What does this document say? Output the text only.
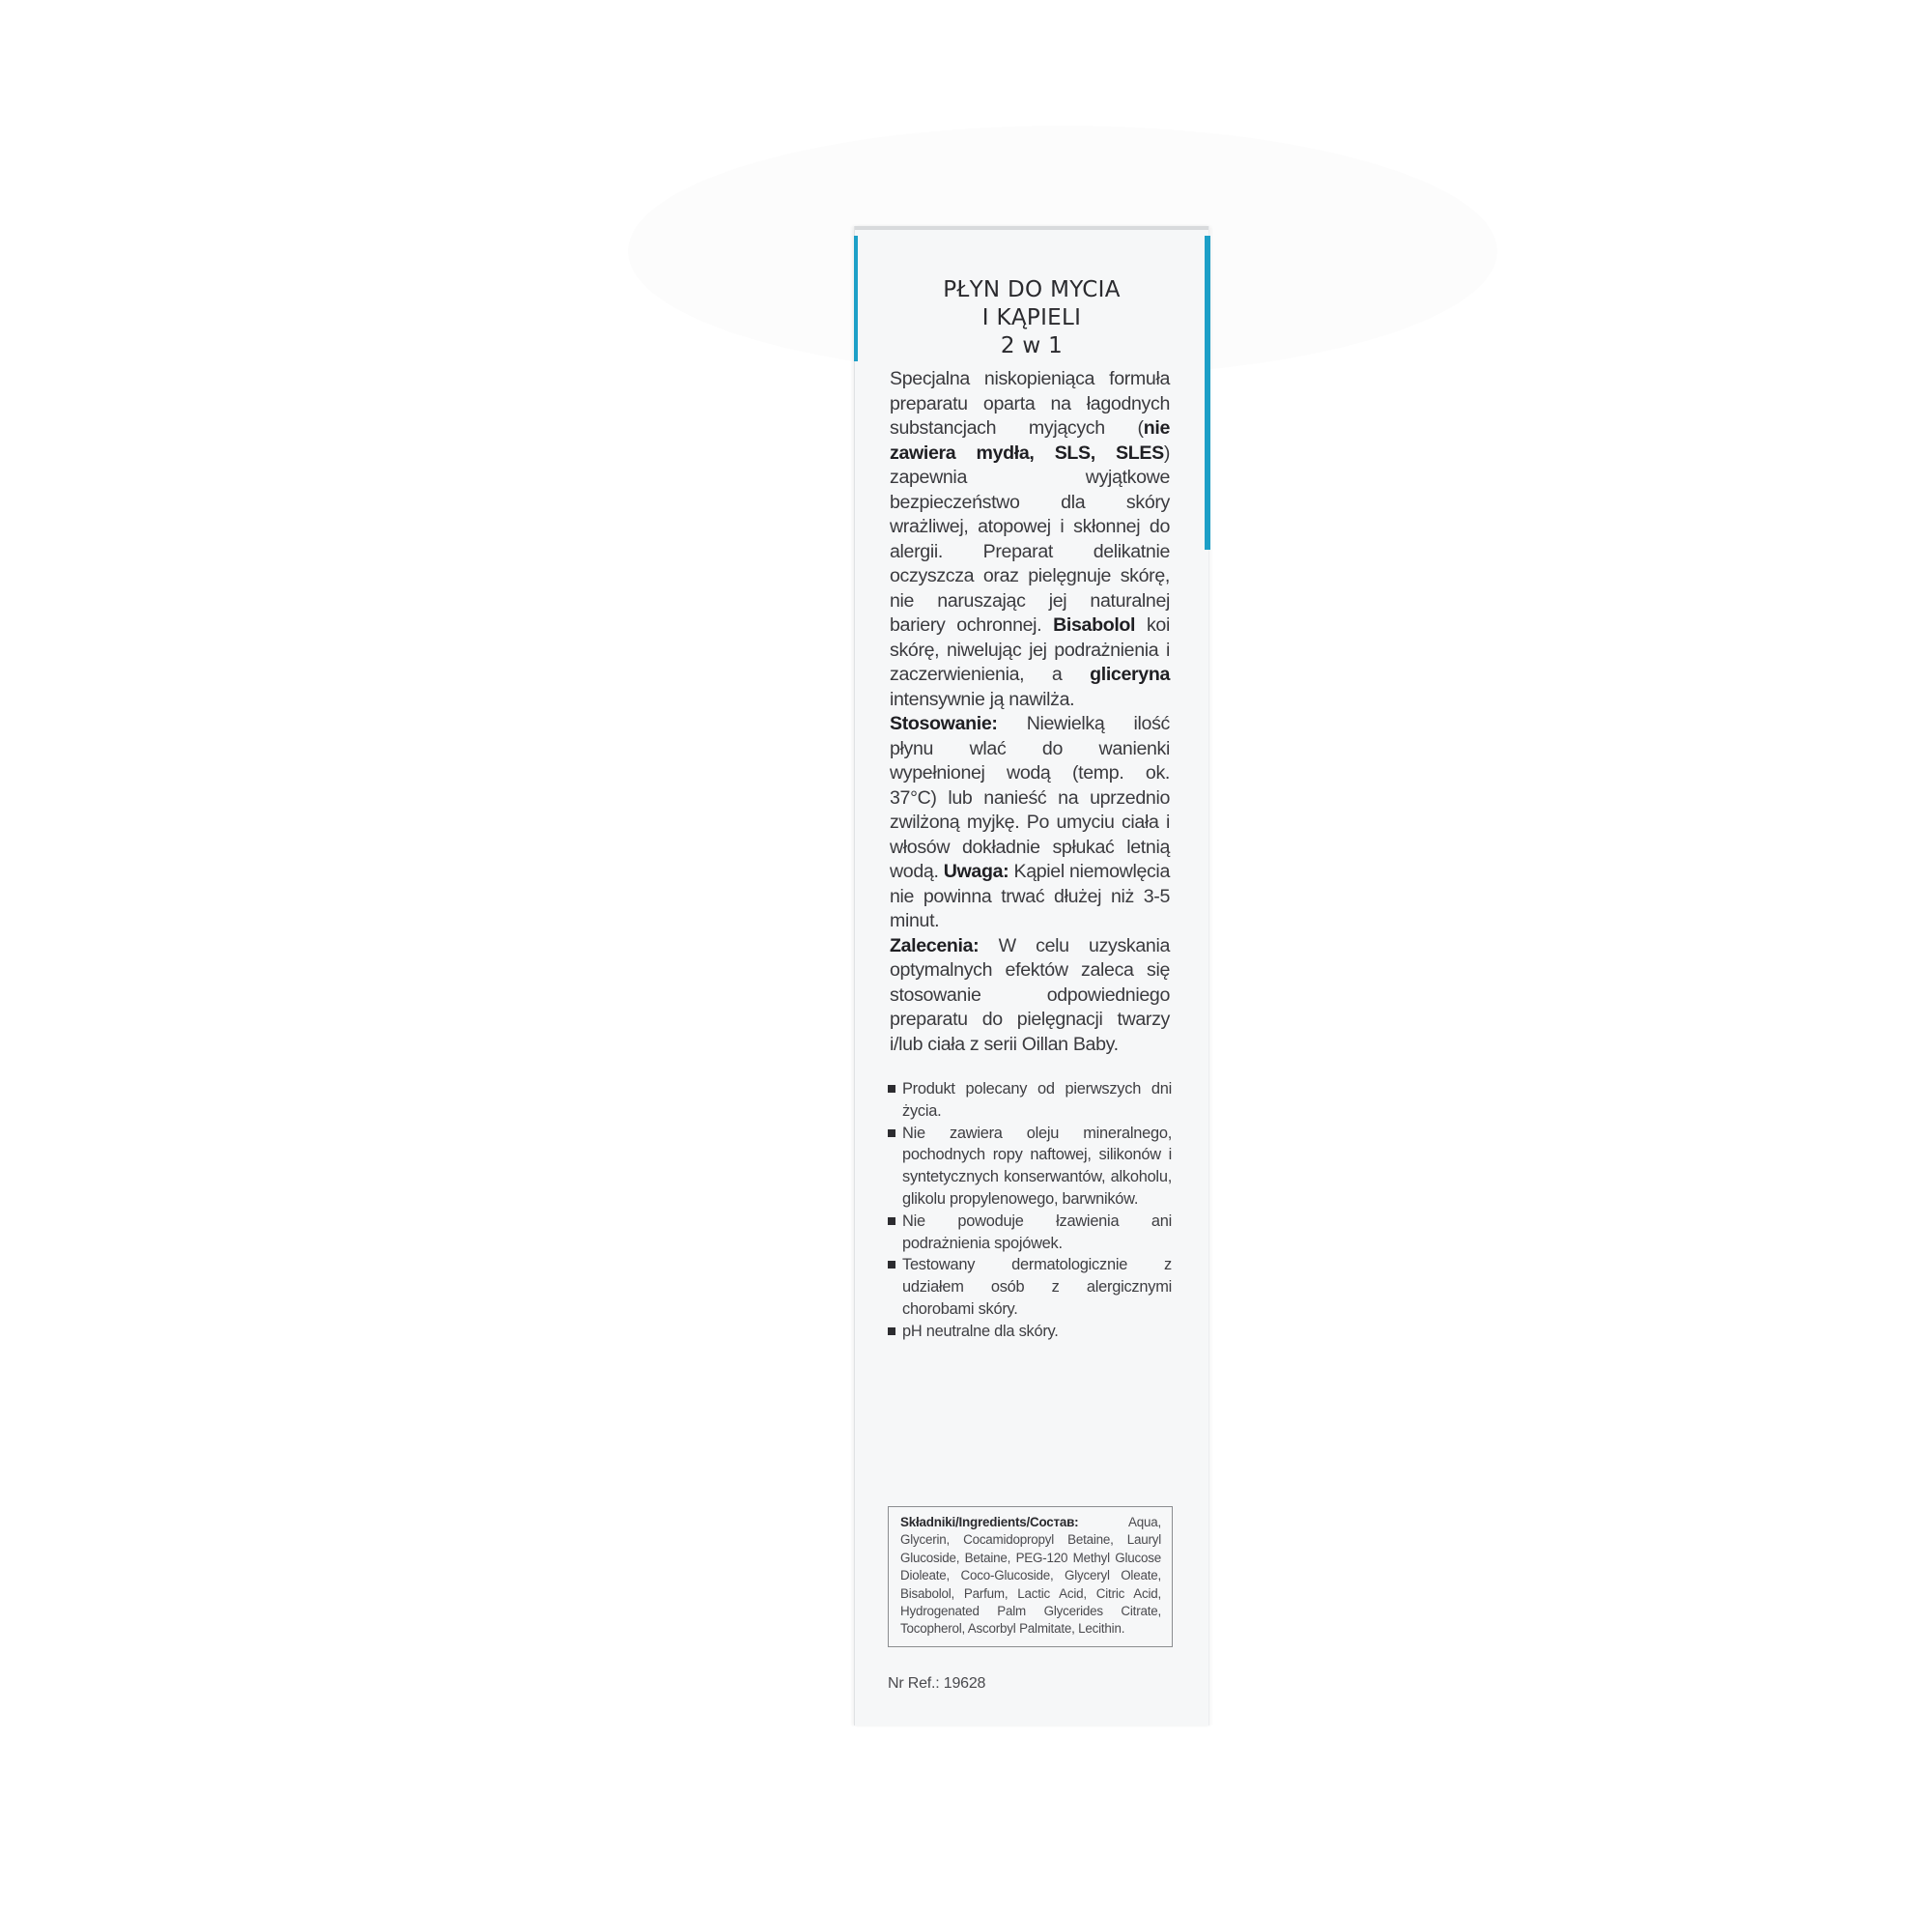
PŁYN DO MYCIA
I KĄPIELI
2 w 1
Specjalna niskopieniąca formuła preparatu oparta na łagodnych substancjach myjących (nie zawiera mydła, SLS, SLES) zapewnia wyjątkowe bezpieczeństwo dla skóry wrażliwej, atopowej i skłonnej do alergii. Preparat delikatnie oczyszcza oraz pielęgnuje skórę, nie naruszając jej naturalnej bariery ochronnej. Bisabolol koi skórę, niwelując jej podrażnienia i zaczerwienienia, a gliceryna intensywnie ją nawilża.
Stosowanie: Niewielką ilość płynu wlać do wanienki wypełnionej wodą (temp. ok. 37°C) lub nanieść na uprzednio zwilżoną myjkę. Po umyciu ciała i włosów dokładnie spłukać letnią wodą. Uwaga: Kąpiel niemowlęcia nie powinna trwać dłużej niż 3-5 minut.
Zalecenia: W celu uzyskania optymalnych efektów zaleca się stosowanie odpowiedniego preparatu do pielęgnacji twarzy i/lub ciała z serii Oillan Baby.
Produkt polecany od pierwszych dni życia.
Nie zawiera oleju mineralnego, pochodnych ropy naftowej, silikonów i syntetycznych konserwantów, alkoholu, glikolu propylenowego, barwników.
Nie powoduje łzawienia ani podrażnienia spojówek.
Testowany dermatologicznie z udziałem osób z alergicznymi chorobami skóry.
pH neutralne dla skóry.
Składniki/Ingredients/Состав: Aqua, Glycerin, Cocamidopropyl Betaine, Lauryl Glucoside, Betaine, PEG-120 Methyl Glucose Dioleate, Coco-Glucoside, Glyceryl Oleate, Bisabolol, Parfum, Lactic Acid, Citric Acid, Hydrogenated Palm Glycerides Citrate, Tocopherol, Ascorbyl Palmitate, Lecithin.
Nr Ref.: 19628
